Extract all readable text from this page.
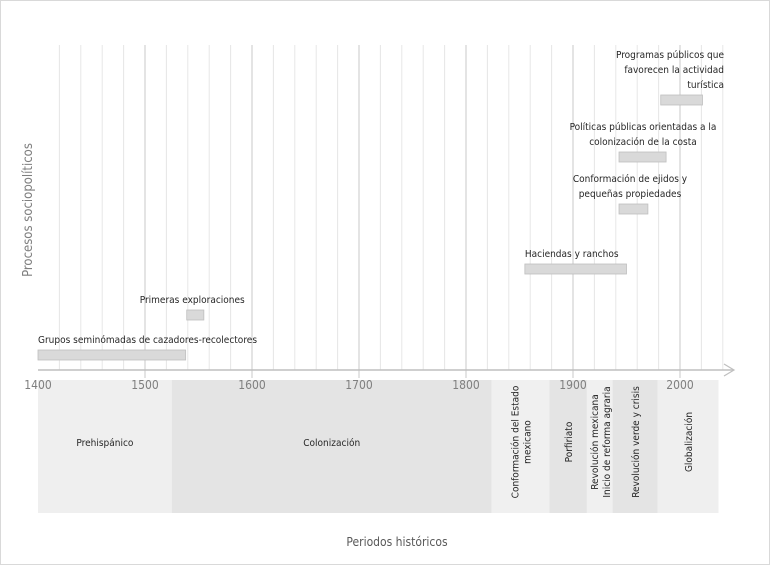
Prehispánico	Colonización	Conformación del Estado mexicano	Porfiriato Revolución mexicana Inicio de reforma agraria Revolución verde y crisis	Globalización
1400	1500	1600	1700	1800	1900	2000
Grupos seminómadas de cazadores-recolectores
Primeras exploraciones
Haciendas y ranchos
Conformación de ejidos y
pequeñas propiedades
Políticas públicas orientadas a la
colonización de la costa
Programas públicos que
favorecen la actividad
turística
Procesos sociopolíticos
Periodos históricos
